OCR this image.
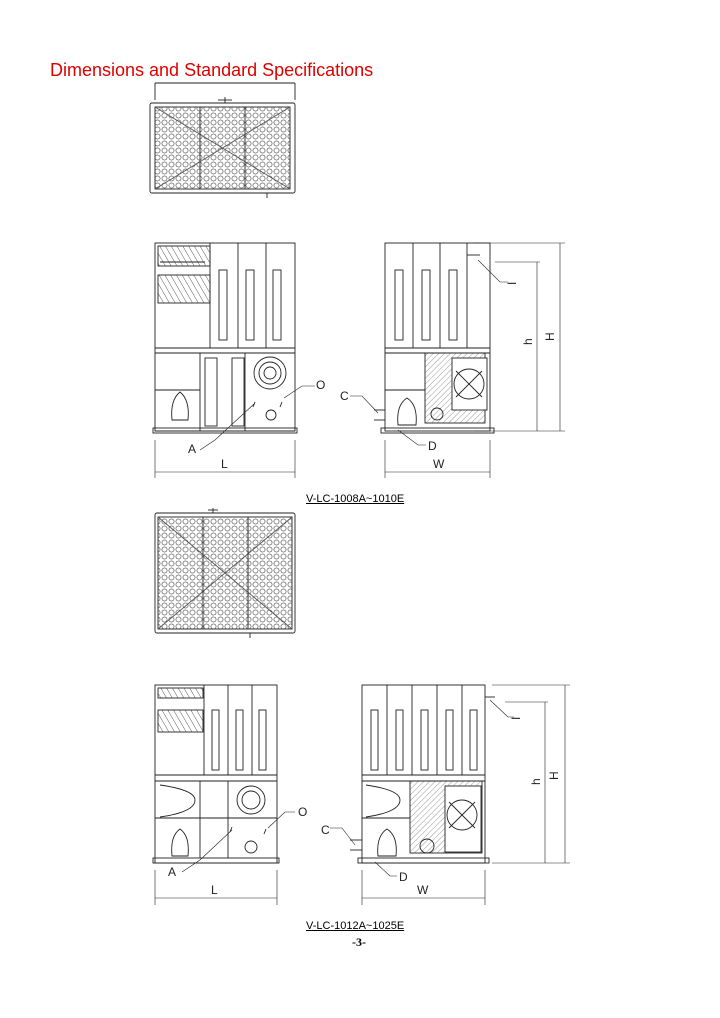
Dimensions and Standard Specifications
O
A
L
C
D
W
I
h
H
O
A
L
C
D
W
I
h
H
V-LC-1008A~1010E
V-LC-1012A~1025E
-3-
